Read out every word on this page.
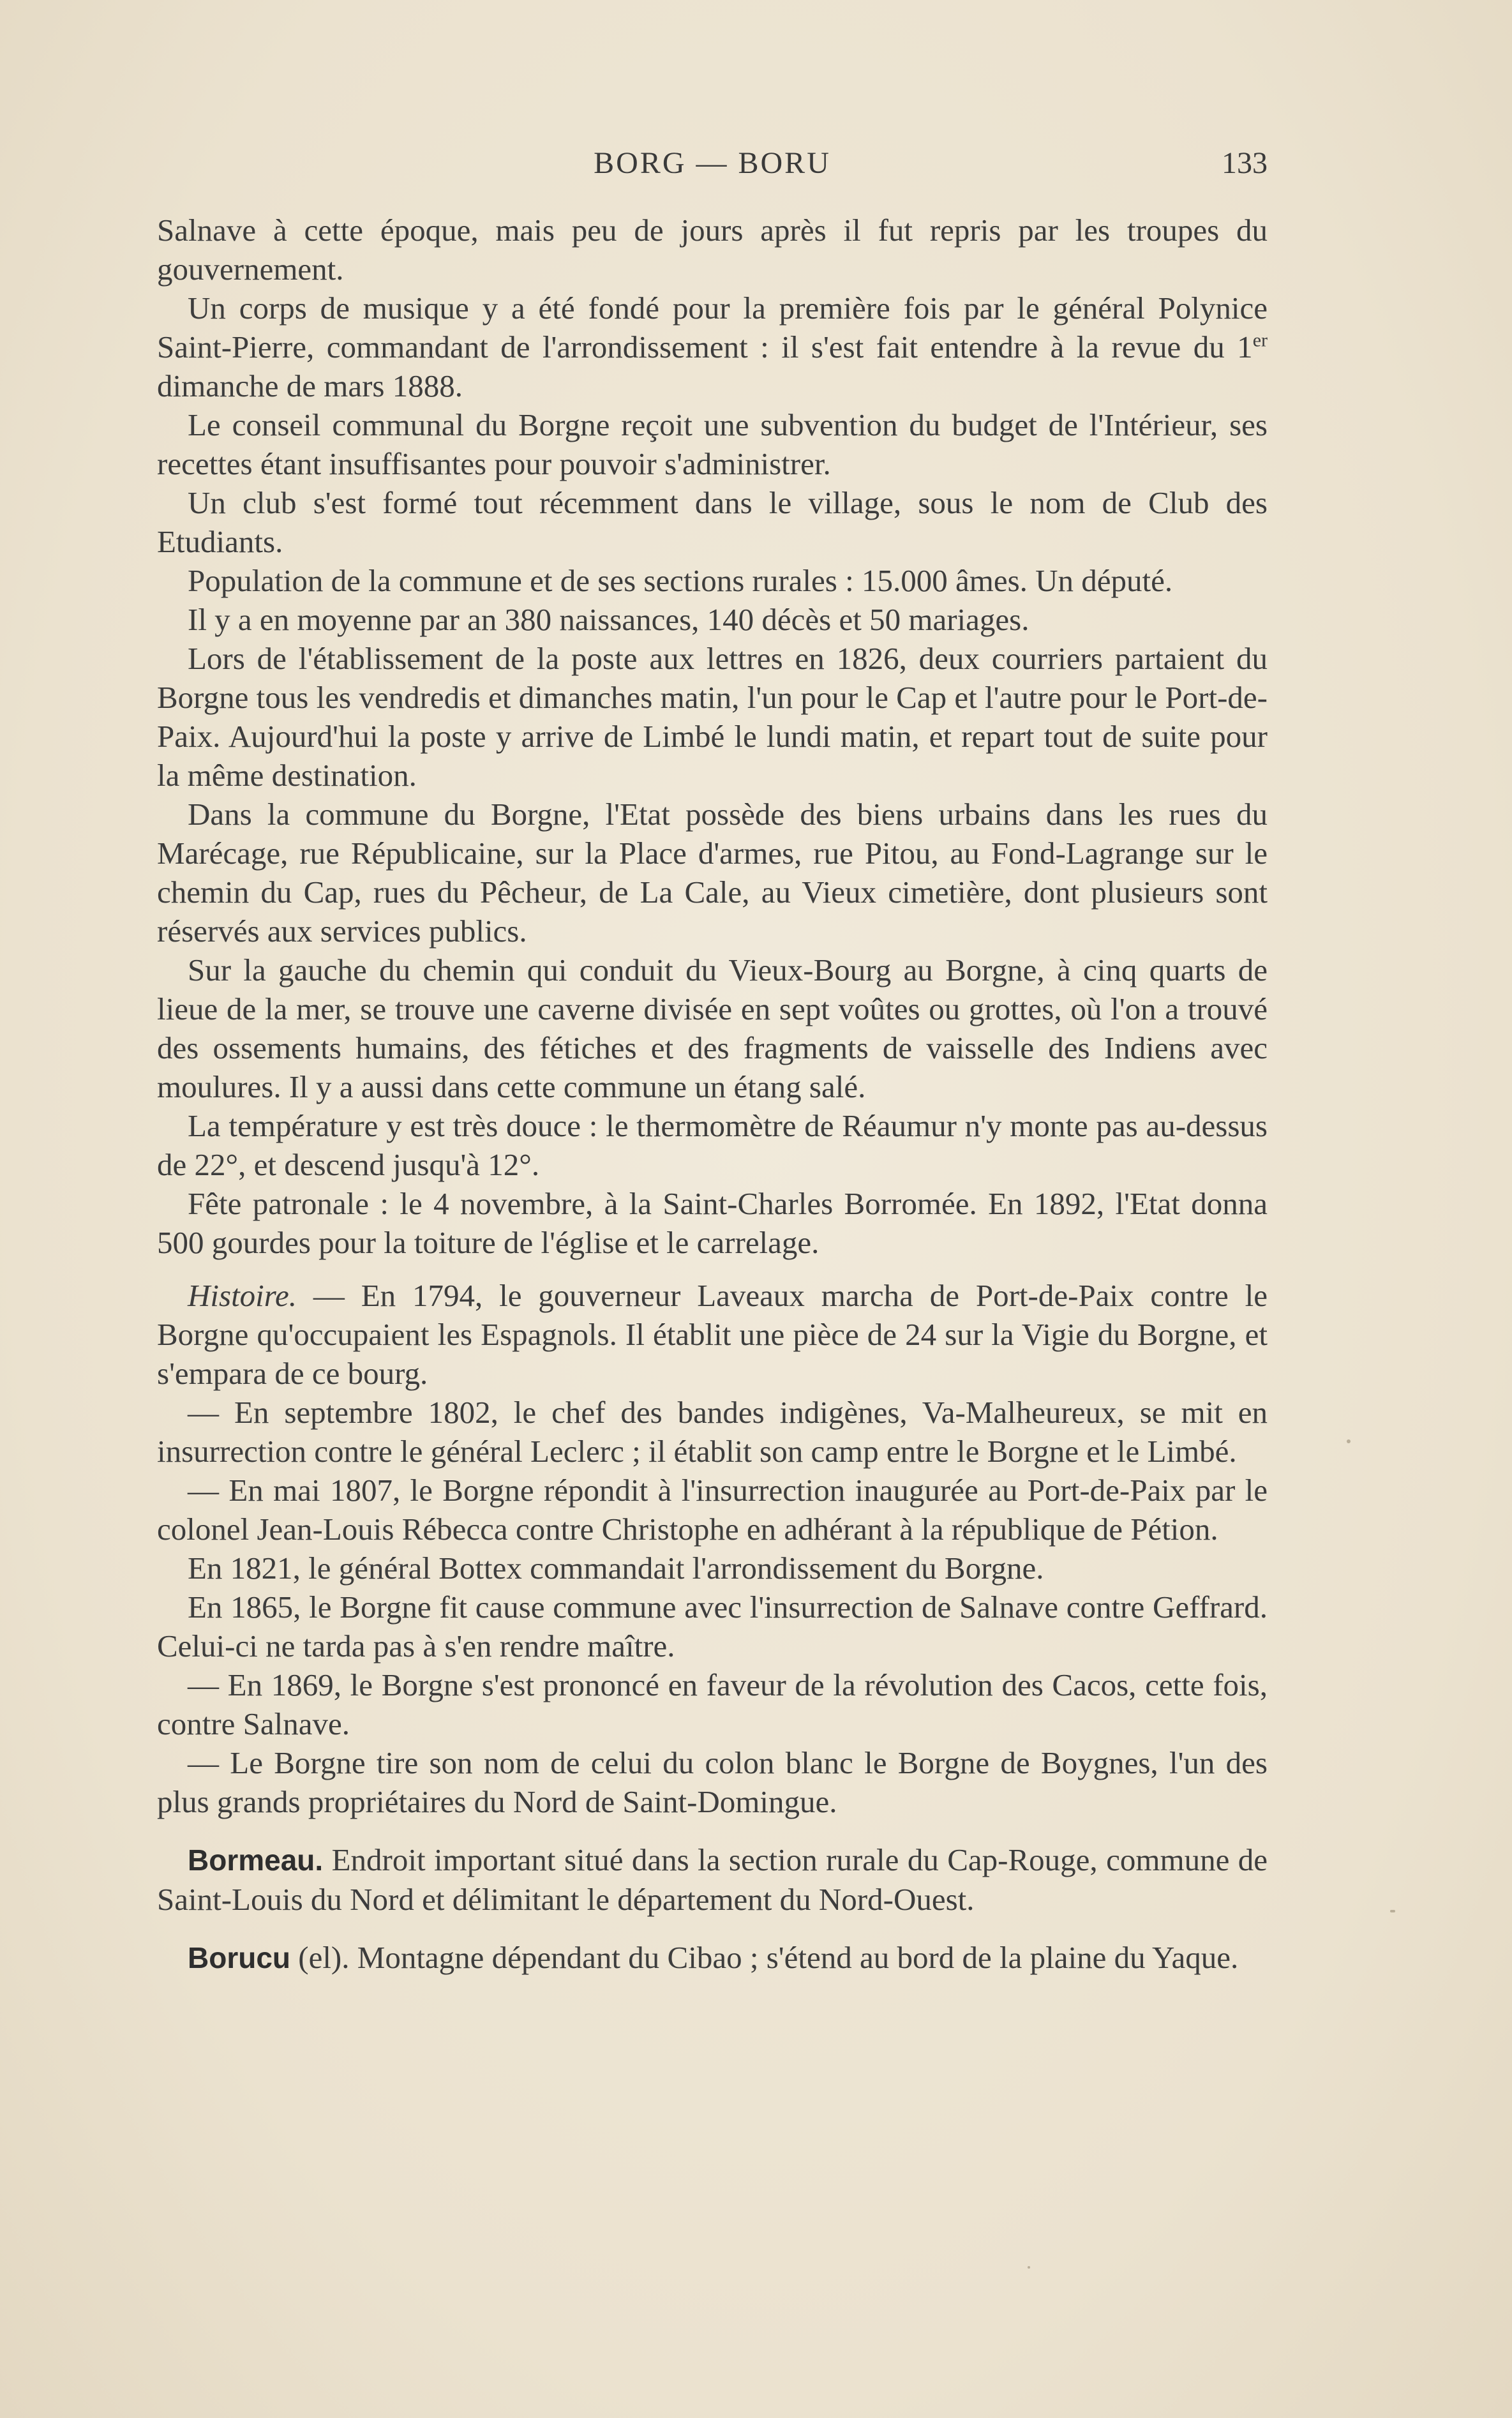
BORG — BORU	133

Salnave à cette époque, mais peu de jours après il fut repris par les troupes du gouvernement.

Un corps de musique y a été fondé pour la première fois par le général Polynice Saint-Pierre, commandant de l'arrondissement : il s'est fait entendre à la revue du 1er dimanche de mars 1888.

Le conseil communal du Borgne reçoit une subvention du budget de l'Intérieur, ses recettes étant insuffisantes pour pouvoir s'administrer.

Un club s'est formé tout récemment dans le village, sous le nom de Club des Etudiants.

Population de la commune et de ses sections rurales : 15.000 âmes. Un député.

Il y a en moyenne par an 380 naissances, 140 décès et 50 mariages.

Lors de l'établissement de la poste aux lettres en 1826, deux courriers partaient du Borgne tous les vendredis et dimanches matin, l'un pour le Cap et l'autre pour le Port-de-Paix. Aujourd'hui la poste y arrive de Limbé le lundi matin, et repart tout de suite pour la même destination.

Dans la commune du Borgne, l'Etat possède des biens urbains dans les rues du Marécage, rue Républicaine, sur la Place d'armes, rue Pitou, au Fond-Lagrange sur le chemin du Cap, rues du Pêcheur, de La Cale, au Vieux cimetière, dont plusieurs sont réservés aux services publics.

Sur la gauche du chemin qui conduit du Vieux-Bourg au Borgne, à cinq quarts de lieue de la mer, se trouve une caverne divisée en sept voûtes ou grottes, où l'on a trouvé des ossements humains, des fétiches et des fragments de vaisselle des Indiens avec moulures. Il y a aussi dans cette commune un étang salé.

La température y est très douce : le thermomètre de Réaumur n'y monte pas au-dessus de 22°, et descend jusqu'à 12°.

Fête patronale : le 4 novembre, à la Saint-Charles Borromée. En 1892, l'Etat donna 500 gourdes pour la toiture de l'église et le carrelage.

Histoire. — En 1794, le gouverneur Laveaux marcha de Port-de-Paix contre le Borgne qu'occupaient les Espagnols. Il établit une pièce de 24 sur la Vigie du Borgne, et s'empara de ce bourg.

— En septembre 1802, le chef des bandes indigènes, Va-Malheureux, se mit en insurrection contre le général Leclerc ; il établit son camp entre le Borgne et le Limbé.

— En mai 1807, le Borgne répondit à l'insurrection inaugurée au Port-de-Paix par le colonel Jean-Louis Rébecca contre Christophe en adhérant à la république de Pétion.

En 1821, le général Bottex commandait l'arrondissement du Borgne.

En 1865, le Borgne fit cause commune avec l'insurrection de Salnave contre Geffrard. Celui-ci ne tarda pas à s'en rendre maître.

— En 1869, le Borgne s'est prononcé en faveur de la révolution des Cacos, cette fois, contre Salnave.

— Le Borgne tire son nom de celui du colon blanc le Borgne de Boygnes, l'un des plus grands propriétaires du Nord de Saint-Domingue.

Bormeau. Endroit important situé dans la section rurale du Cap-Rouge, commune de Saint-Louis du Nord et délimitant le département du Nord-Ouest.

Borucu (el). Montagne dépendant du Cibao ; s'étend au bord de la plaine du Yaque.
